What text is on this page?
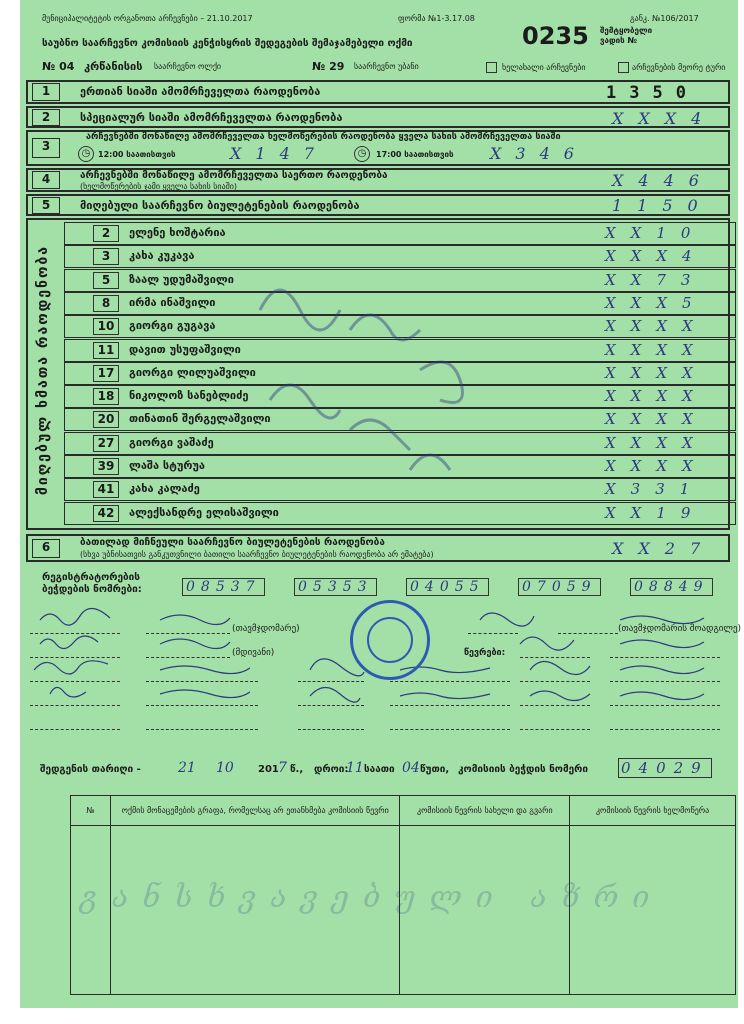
მუნიციპალიტეტის ორგანოთა არჩევნები – 21.10.2017	ფორმა №1-3.17.08
0235
განკ. №106/2017
შემტყობელი ვადის №
საუბნო საარჩევნო კომისიის კენჭისყრის შედეგების შემაჯამებელი ოქმი
№ 04 კრწანისის საარჩევნო ოლქი	№ 29 საარჩევნო უბანი	ხელახალი არჩევნები	არჩევნების მეორე ტური
1	ერთიან სიაში ამომრჩეველთა რაოდენობა	1350
2	სპეციალურ სიაში ამომრჩეველთა რაოდენობა	XXX4
3
არჩევნებში მონაწილე ამომრჩეველთა ხელმოწერების რაოდენობა ყველა სახის ამომრჩეველთა სიაში
◷ 12:00 საათისთვის	X147	◷	17:00 საათისთვის X346
4	არჩევნებში მონაწილე ამომრჩეველთა საერთო რაოდენობა
(ხელმოწერების ჯამი ყველა სახის სიაში)	X446
5	მიღებული საარჩევნო ბიულეტენების რაოდენობა	1150
მიღებულ ხმათა რაოდენობა
2	ელენე ხოშტარია	XX10
3	კახა კუკავა	XXX4
5	ზაალ უდუმაშვილი	XX73
8	ირმა ინაშვილი	XXX5
10	გიორგი გუგავა	XXXX
11	დავით უსუფაშვილი	XXXX
17	გიორგი ლილუაშვილი	XXXX
18	ნიკოლოზ სანებლიძე	XXXX
20	თინათინ შერგელაშვილი	XXXX
27	გიორგი ვაშაძე	XXXX
39	ლაშა სტურუა	XXXX
41	კახა კალაძე	X331
42	ალექსანდრე ელისაშვილი	XX19
6	ბათილად მიჩნეული საარჩევნო ბიულეტენების რაოდენობა
(სხვა უბნისათვის განკუთვნილი ბათილი საარჩევნო ბიულეტენების რაოდენობა არ ემატება)	XX27
რეგისტრატორების
ბეჭდების ნომრები:	08537	05353	04055	07059	08849
(თავმჯდომარე)	(თავმჯდომარის მოადგილე)
(მდივანი)	წევრები:
შედგენის თარიღი -	21 10 201 7 წ., დროი:
11 საათი 04 წუთი, კომისიის ბეჭდის ნომერი 04029
№	ოქმის მონაცემების გრაფა, რომელსაც არ ეთანხმება კომისიის წევრი	კომისიის წევრის სახელი და გვარი	კომისიის წევრის ხელმოწერა

განსხვავებული აზრი
